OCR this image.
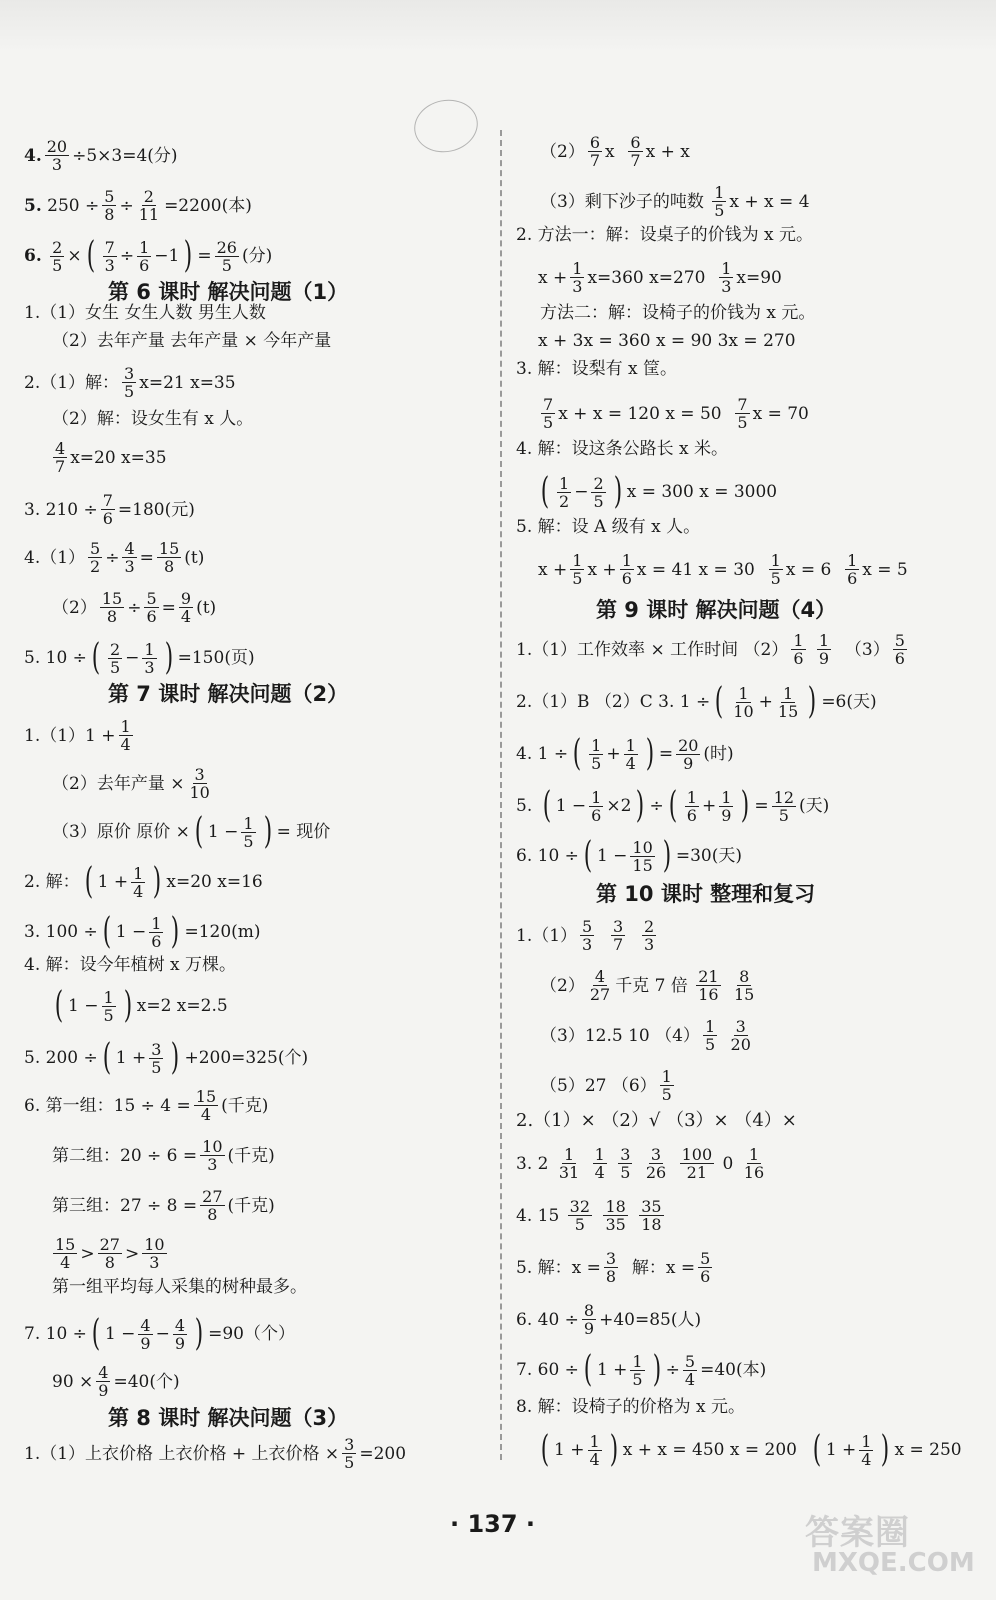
4. $\frac{20}{3} \div 5\times 3=4$(分)
5.
$250 \div \frac{5}{8} \div \frac{2}{11} =2200$(本)
6.
$\frac{2}{5}$ × ( $\frac{7}{3} \div \frac{1}{6} -1$ ) = $\frac{26}{5}$ (分)
第 6 课时 解决问题（1）
1.（1）女生 女生人数 男生人数
（2）去年产量 去年产量 × 今年产量
2.（1）解： $\frac{3}{5} x=21$ x=35
（2）解：设女生有 x 人。
$\frac{4}{7} x=20$ x=35
3. $210 \div \frac{7}{6} =180$(元)
$4.(1) \frac{5}{2} \div \frac{4}{3} = \frac{15}{8} (t)$
$(2) \frac{15}{8} \div \frac{5}{6} = \frac{9}{4} (t)$
5. 10 ÷ ( $\frac{2}{5} - \frac{1}{3}$ ) =150(页)
第 7 课时 解决问题（2）
$1.(1)1 + \frac{1}{4}$
（2）去年产量 × $\frac{3}{10}$
（3）原价 原价 × ( $1 - \frac{1}{5}$ ) = 现价
2. 解： ( $1 + \frac{1}{4}$ ) x=20 x=16
3. 100 ÷ ( $1 - \frac{1}{6}$ ) =120(m)
4. 解：设今年植树 x 万棵。
( $1 - \frac{1}{5}$ ) x=2 x=2.5
5. 200 ÷ ( $1 + \frac{3}{5}$ ) +200=325(个)
6. 第一组：$15 \div 4 = \frac{15}{4}$ (千克)
第二组：$20 \div 6 = \frac{10}{3}$ (千克)
第三组：$27 \div 8 = \frac{27}{8}$ (千克)
$\frac{15}{4} > \frac{27}{8} > \frac{10}{3}$
第一组平均每人采集的树种最多。
7. 10 ÷ ( $1 - \frac{4}{9} - \frac{4}{9}$ ) =90（个）
$90 \times \frac{4}{9} =40$(个)
第 8 课时 解决问题（3）
1.（1）上衣价格 上衣价格 + 上衣价格 × $\frac{3}{5} =200$
$(2) \frac{6}{7}$ x $\frac{6}{7}$ x + x
（3）剩下沙子的吨数
$\frac{1}{5}$ x + x = 4
2. 方法一：解：设桌子的价钱为 x 元。
$x + \frac{1}{3} x=360$ x=270
$\frac{1}{3} x=90$
方法二：解：设椅子的价钱为 x 元。
x + 3x = 360 x = 90 3x = 270
3. 解：设梨有 x 筐。
$\frac{7}{5}$ x + x = 120 x = 50
$\frac{7}{5}$ x = 70
4. 解：设这条公路长 x 米。
( $\frac{1}{2} - \frac{2}{5}$ ) x = 300 x = 3000
5. 解：设 A 级有 x 人。
$x + \frac{1}{5}$ $x + \frac{1}{6}$ x = 41 x = 30
$\frac{1}{5}$ x = 6
$\frac{1}{6}$ x = 5
第 9 课时 解决问题（4）
1.（1）工作效率 × 工作时间 $(2) \frac{1}{6}$
$\frac{1}{9}$
$(3) \frac{5}{6}$
2.（1）B （2）C 3. 1 ÷ ( $\frac{1}{10} + \frac{1}{15}$ ) =6(天)
4. 1 ÷ ( $\frac{1}{5} + \frac{1}{4}$ ) = $\frac{20}{9}$ (时)
5.
( $1 - \frac{1}{6} \times 2$ ) ÷ ( $\frac{1}{6} + \frac{1}{9}$ ) = $\frac{12}{5}$ (天)
6. 10 ÷ ( $1 - \frac{10}{15}$ ) =30(天)
第 10 课时 整理和复习
$1.(1) \frac{5}{3}$
$\frac{3}{7}$
$\frac{2}{3}$
$(2) \frac{4}{27}$ 千克 7 倍
$\frac{21}{16}$
$\frac{8}{15}$
（3）12.5 10 $(4) \frac{1}{5}$
$\frac{3}{20}$
（5）27 $(6) \frac{1}{5}$
2.（1）× （2）√ （3）× （4）×
3. 2
$\frac{1}{31}$
$\frac{1}{4}$
$\frac{3}{5}$
$\frac{3}{26}$
$\frac{100}{21}$
0
$\frac{1}{16}$
4. 15
$\frac{32}{5}$
$\frac{18}{35}$
$\frac{35}{18}$
5. 解：$x = \frac{3}{8}$
解：$x = \frac{5}{6}$
6. $40 \div \frac{8}{9} +40=85$(人)
7. 60 ÷ ( $1 + \frac{1}{5}$ ) ÷ $\frac{5}{4} =40$(本)
8. 解：设椅子的价格为 x 元。
( $1 + \frac{1}{4}$ ) x + x = 450 x = 200
( $1 + \frac{1}{4}$ ) x = 250
· 137 ·	答案圈
MXQE.COM
